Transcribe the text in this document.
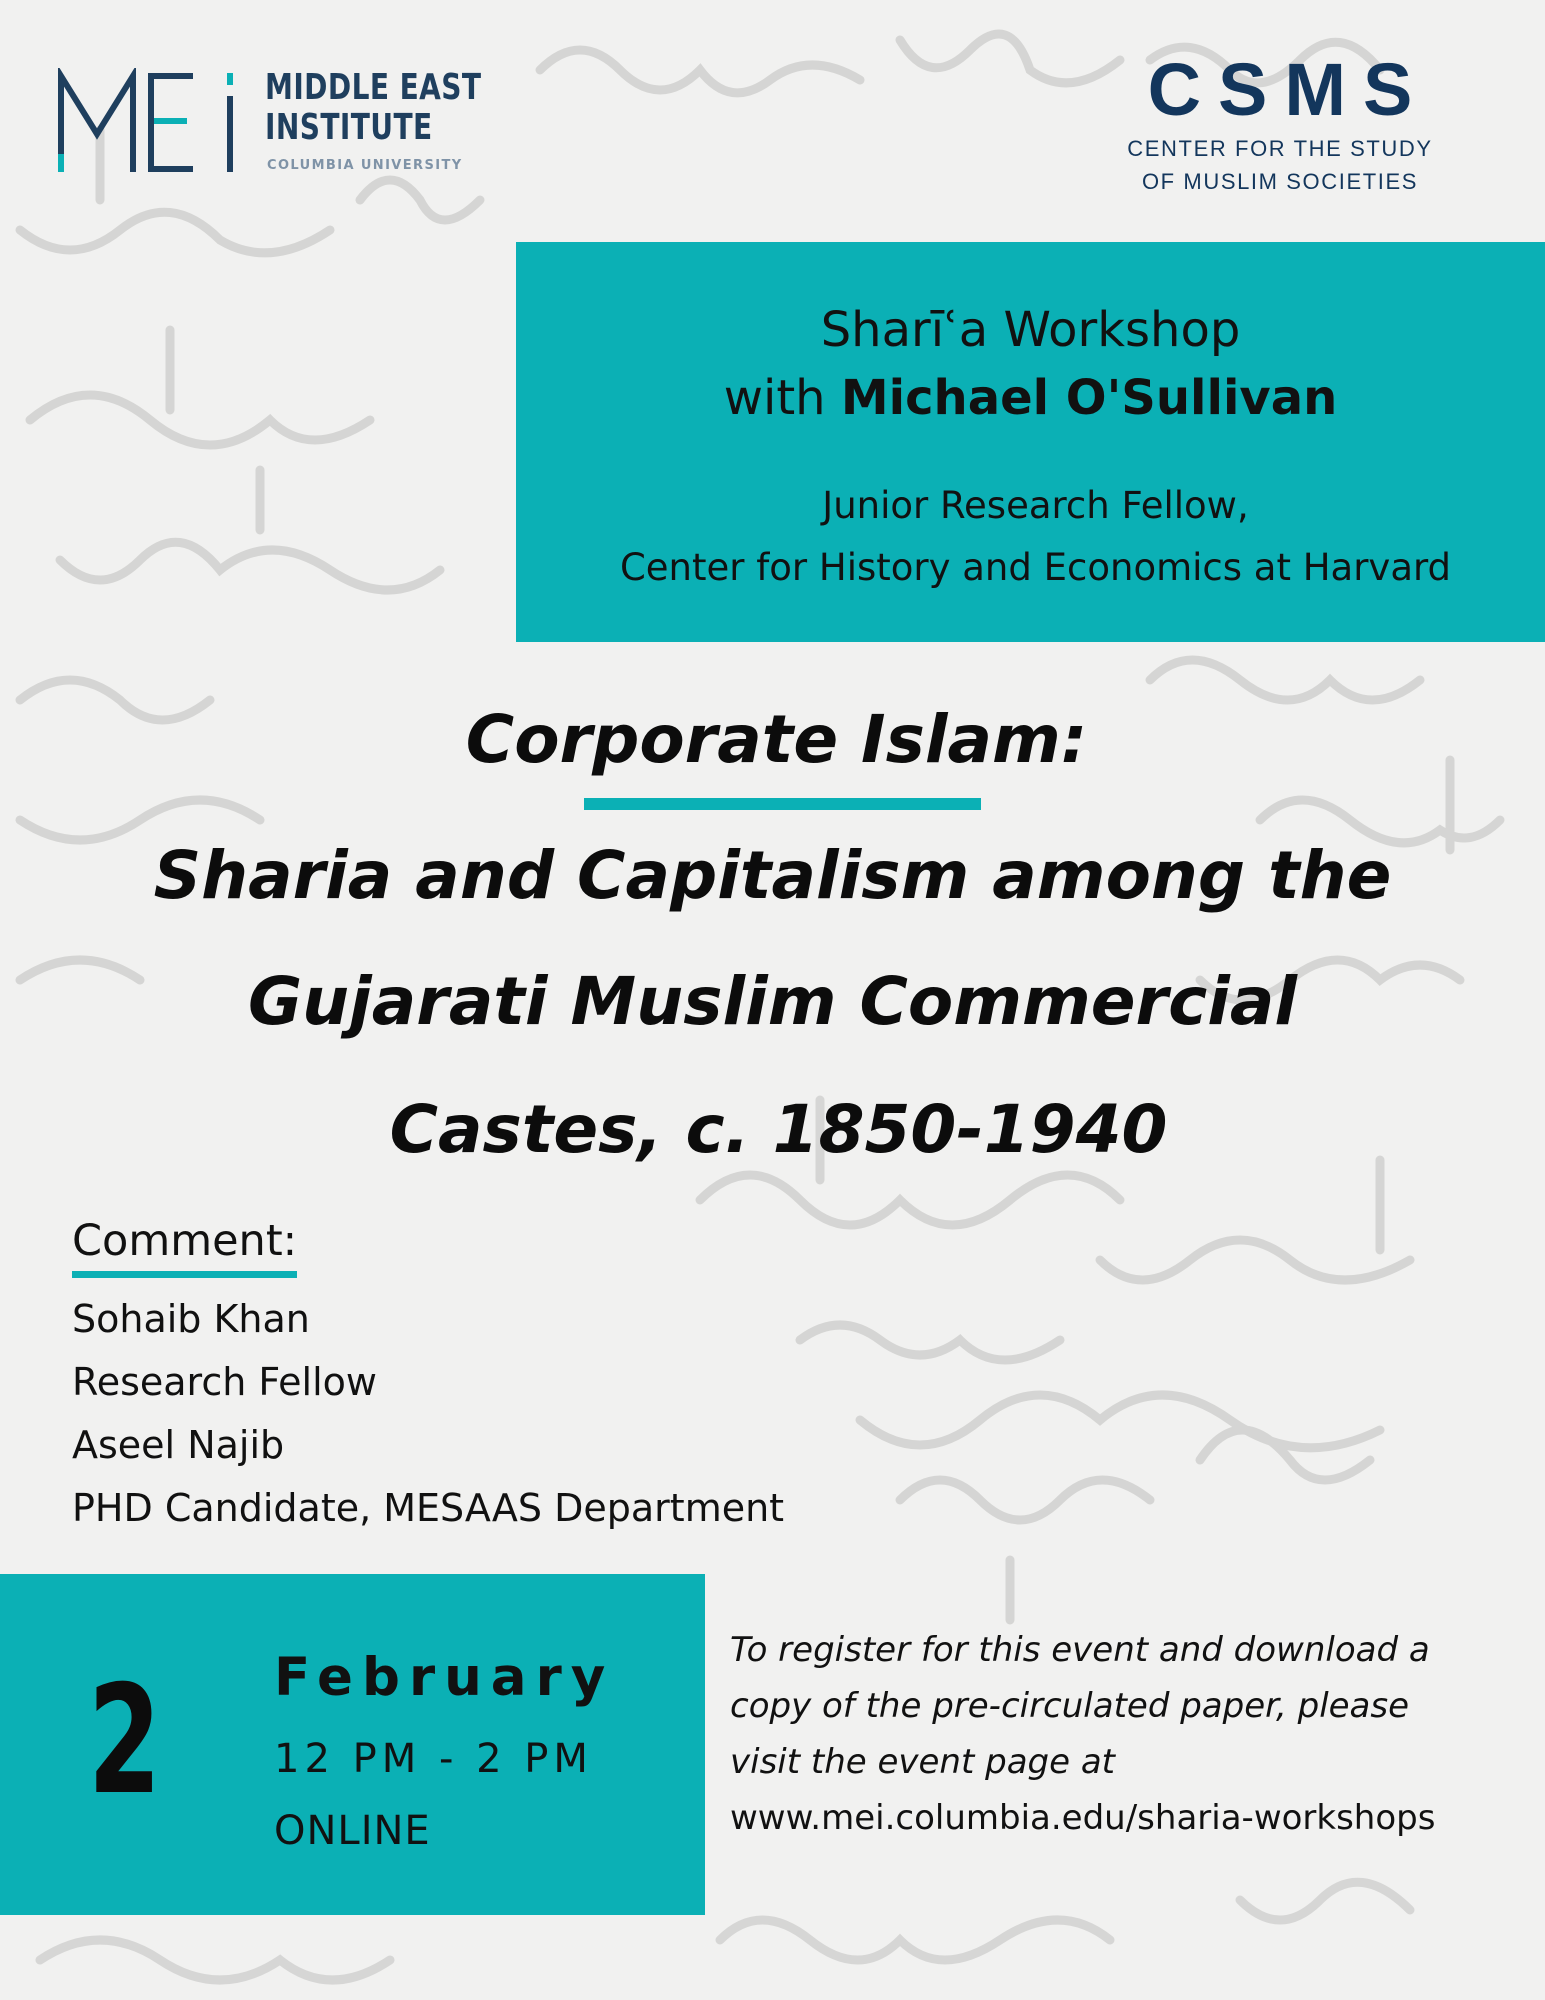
MIDDLE EAST
INSTITUTE
COLUMBIA UNIVERSITY
CSMS
CENTER FOR THE STUDY
OF MUSLIM SOCIETIES
Sharīʿa Workshop
with Michael O'Sullivan
Junior Research Fellow,
Center for History and Economics at Harvard
Corporate Islam:
Sharia and Capitalism among the
Gujarati Muslim Commercial
Castes, c. 1850-1940
Comment:
Sohaib Khan
Research Fellow
Aseel Najib
PHD Candidate, MESAAS Department
2 February
12 PM - 2 PM
ONLINE
To register for this event and download a
copy of the pre-circulated paper, please
visit the event page at
www.mei.columbia.edu/sharia-workshops
